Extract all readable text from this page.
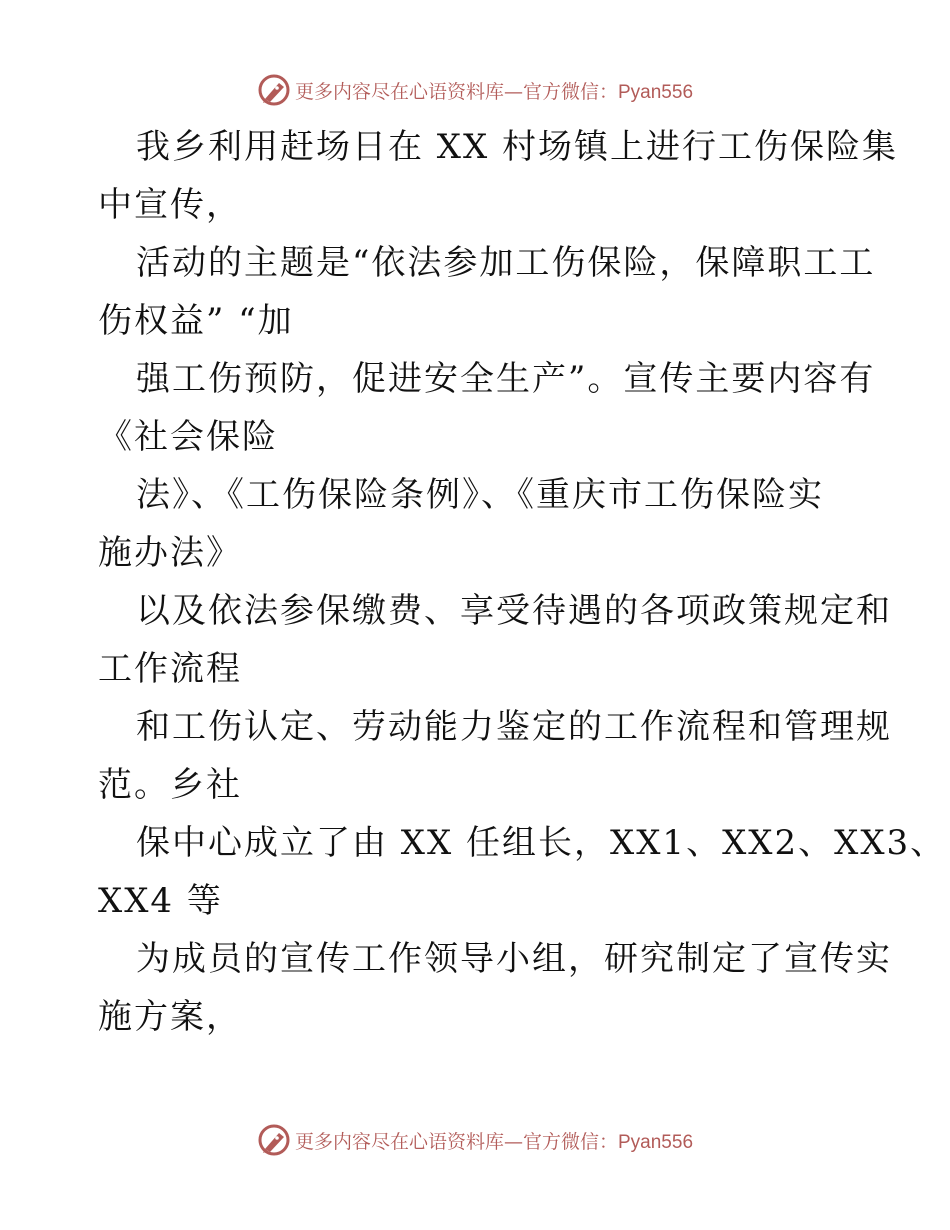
更多内容尽在心语资料库—官方微信：Pyan556
我乡利用赶场日在 XX 村场镇上进行工伤保险集
中宣传，
活动的主题是“依法参加工伤保险，保障职工工
伤权益” “加
强工伤预防，促进安全生产”。宣传主要内容有
《社会保险
法》、《工伤保险条例》、《重庆市工伤保险实
施办法》
以及依法参保缴费、享受待遇的各项政策规定和
工作流程
和工伤认定、劳动能力鉴定的工作流程和管理规
范。乡社
保中心成立了由 XX 任组长，XX1、XX2、XX3、
XX4 等
为成员的宣传工作领导小组，研究制定了宣传实
施方案，
更多内容尽在心语资料库—官方微信：Pyan556
